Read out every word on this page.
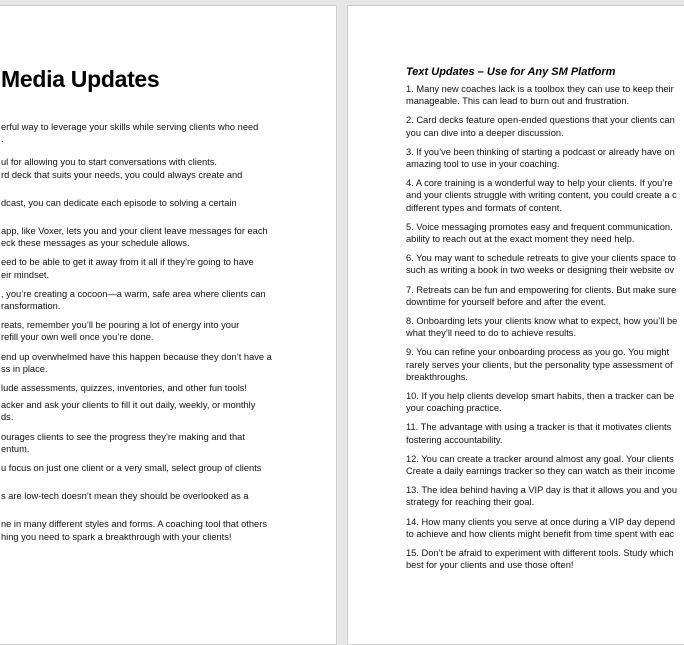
Media Updates
erful way to leverage your skills while serving clients who need
.
ul for allowing you to start conversations with clients.
rd deck that suits your needs, you could always create and
dcast, you can dedicate each episode to solving a certain
app, like Voxer, lets you and your client leave messages for each
eck these messages as your schedule allows.
eed to be able to get it away from it all if they’re going to have
eir mindset.
, you’re creating a cocoon—a warm, safe area where clients can
ransformation.
reats, remember you’ll be pouring a lot of energy into your
refill your own well once you’re done.
end up overwhelmed have this happen because they don’t have a
ss in place.
lude assessments, quizzes, inventories, and other fun tools!
acker and ask your clients to fill it out daily, weekly, or monthly
ds.
ourages clients to see the progress they’re making and that
entum.
u focus on just one client or a very small, select group of clients
s are low-tech doesn’t mean they should be overlooked as a
ne in many different styles and forms. A coaching tool that others
hing you need to spark a breakthrough with your clients!
Text Updates – Use for Any SM Platform
1. Many new coaches lack is a toolbox they can use to keep their
manageable. This can lead to burn out and frustration.
2. Card decks feature open-ended questions that your clients can
you can dive into a deeper discussion.
3. If you’ve been thinking of starting a podcast or already have on
amazing tool to use in your coaching.
4. A core training is a wonderful way to help your clients. If you’re
and your clients struggle with writing content, you could create a c
different types and formats of content.
5. Voice messaging promotes easy and frequent communication.
ability to reach out at the exact moment they need help.
6. You may want to schedule retreats to give your clients space to
such as writing a book in two weeks or designing their website ov
7. Retreats can be fun and empowering for clients. But make sure
downtime for yourself before and after the event.
8. Onboarding lets your clients know what to expect, how you’ll be
what they’ll need to do to achieve results.
9. You can refine your onboarding process as you go. You might
rarely serves your clients, but the personality type assessment of
breakthroughs.
10. If you help clients develop smart habits, then a tracker can be
your coaching practice.
11. The advantage with using a tracker is that it motivates clients
fostering accountability.
12. You can create a tracker around almost any goal. Your clients
Create a daily earnings tracker so they can watch as their income
13. The idea behind having a VIP day is that it allows you and you
strategy for reaching their goal.
14. How many clients you serve at once during a VIP day depend
to achieve and how clients might benefit from time spent with eac
15. Don’t be afraid to experiment with different tools. Study which
best for your clients and use those often!
